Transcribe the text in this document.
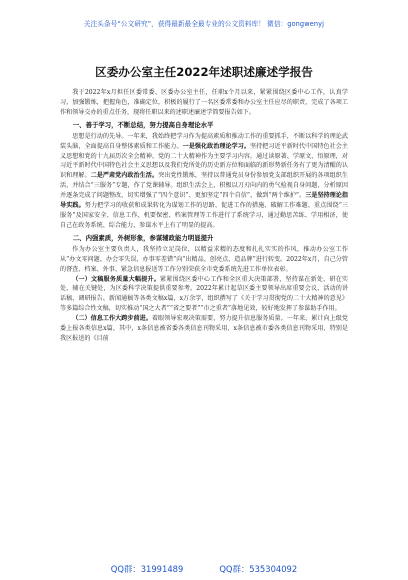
关注头条号“公文研究”，获得最新最全最专业的公文资料库！ 微信：gongwenyj
区委办公室主任2022年述职述廉述学报告

我于2022年x月担任区委常委、区委办公室主任，任职x个月以来，紧紧围绕区委中心工作，认真学习，加强锻炼，把握角色，准确定位，积极的履行了一名区委常委和办公室主任应尽的职责，完成了各项工作和领导交办的重点任务，现将任职以来的述职述廉述学简要报告如下。

一、善于学习，不断总结，努力提高自身理论水平

思想是行动的先导。一年来，我始终把学习作为提高素质和推动工作的重要抓手，不断以科学的理论武装头脑，全面提高自身整体素质和工作能力。一是强化政治理论学习。坚持把习近平新时代中国特色社会主义思想和党的十九届历次全会精神、党的二十大精神作为主要学习内容，通过读原著、学原文、悟原理，对习近平新时代中国特色社会主义思想以及我们党所处的历史新方位和面临的新形势新任务有了更为清醒的认识和理解。二是严肃党内政治生活。突出党性锻炼，坚持以普通党员身份参加党支部组织开展的各项组织生活，并结合“三服务”专题，作了党课辅导。组织生活会上，积极以刀刃向内的勇气检视自身问题，分析原因并逐条完成了问题整改，切实增强了“四个意识”、更加坚定“四个自信”、做到“两个维护”。三是坚持理论指导实践。努力把学习的收获和成果转化为谋划工作的思路、促进工作的措施、破解工作难题、重点围绕“三服务”及国家安全、信息工作、机要保密、档案管理等工作进行了系统学习，通过勤思苦练、学用相济，使自己在政务系统、综合能力、参谋水平上有了明显的提高。

二、内强素质，外树形象，参谋辅政能力明显提升

作为办公室主要负责人，我坚持立足岗位，以精益求精的态度和扎扎实实的作风，推动办公室工作从“办文零问题、办会零失误、办事零差错”向“出精品、创亮点、造品牌”进行转变。2022年x月，自己分管的督查、档案、外事、紧急信息报送等工作分别荣获全市党委系统先进工作单位表彰。

（一）文稿服务质量大幅提升。紧紧围绕区委中心工作和全区重大决策部署，坚持谋在新处、研在实处、辅在关键处，为区委科学决策提供重要参考。2022年累计起草区委主要领导出席重要会议、活动的讲话稿、调研报告、新闻通稿等各类文稿x篇，x万余字，组织撰写了《关于学习贯彻党的二十大精神的意见》等多篇综合性文稿，切实推动“国之大者”“省之要者”“市之重者”落地见效，较好地发挥了参谋助手作用。

（二）信息工作大跨步前进。着眼领导宏观决策需要，努力提升信息服务质量。一年来，累计向上级党委上报各类信息x篇，其中，x条信息被省委各类信息刊物采用，x条信息被市委各类信息刊物采用，特别是我区报送的《目前

QQ群：31991489	QQ群：535304092
